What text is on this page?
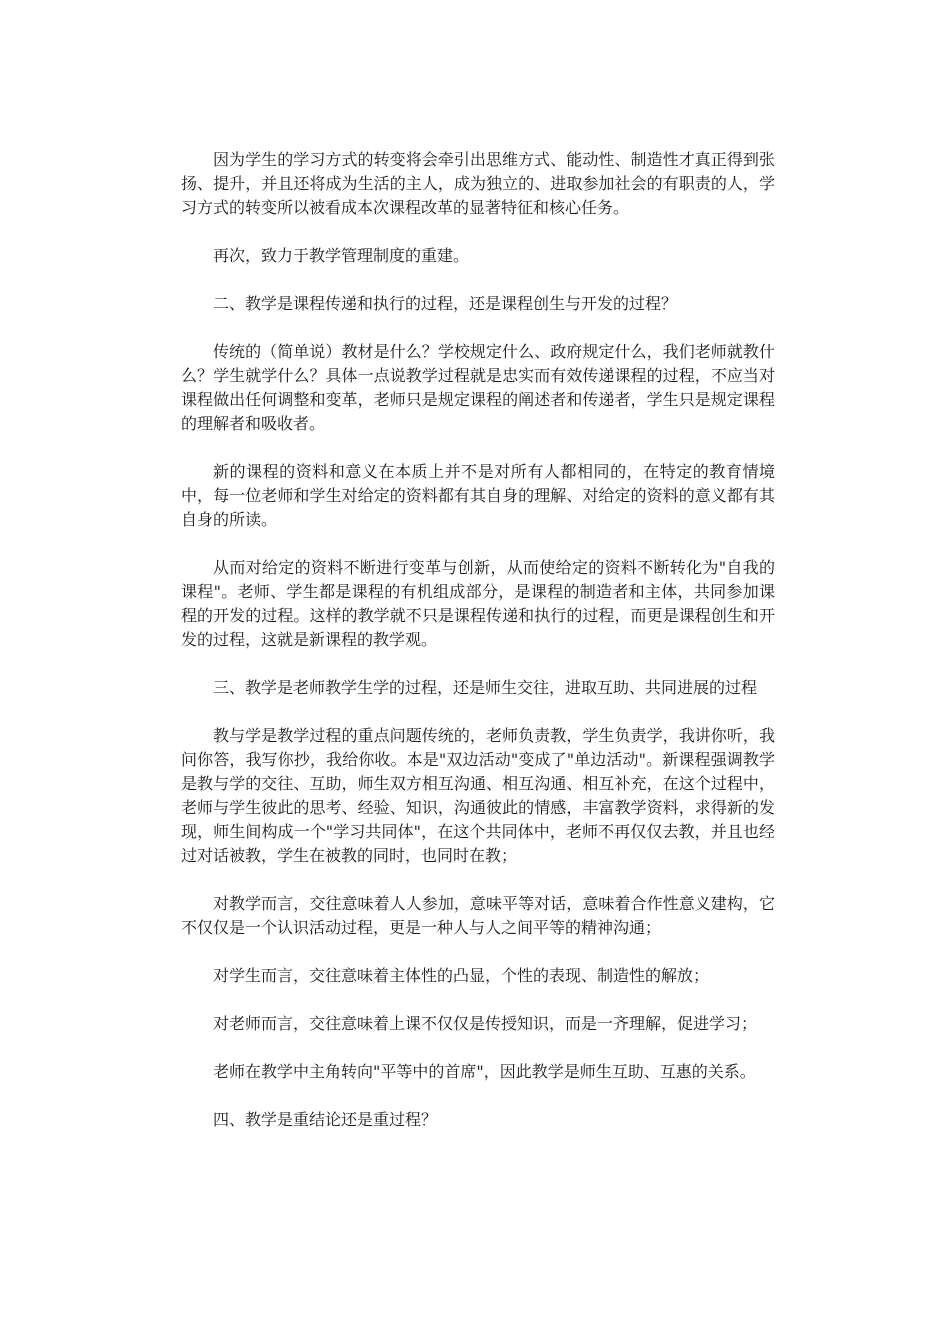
因为学生的学习方式的转变将会牵引出思维方式、能动性、制造性才真正得到张扬、提升，并且还将成为生活的主人，成为独立的、进取参加社会的有职责的人，学习方式的转变所以被看成本次课程改革的显著特征和核心任务。

再次，致力于教学管理制度的重建。

二、教学是课程传递和执行的过程，还是课程创生与开发的过程？

传统的（简单说）教材是什么？学校规定什么、政府规定什么，我们老师就教什么？学生就学什么？具体一点说教学过程就是忠实而有效传递课程的过程，不应当对课程做出任何调整和变革，老师只是规定课程的阐述者和传递者，学生只是规定课程的理解者和吸收者。

新的课程的资料和意义在本质上并不是对所有人都相同的，在特定的教育情境中，每一位老师和学生对给定的资料都有其自身的理解、对给定的资料的意义都有其自身的所读。

从而对给定的资料不断进行变革与创新，从而使给定的资料不断转化为"自我的课程"。老师、学生都是课程的有机组成部分，是课程的制造者和主体，共同参加课程的开发的过程。这样的教学就不只是课程传递和执行的过程，而更是课程创生和开发的过程，这就是新课程的教学观。

三、教学是老师教学生学的过程，还是师生交往，进取互助、共同进展的过程

教与学是教学过程的重点问题传统的，老师负责教，学生负责学，我讲你听，我问你答，我写你抄，我给你收。本是"双边活动"变成了"单边活动"。新课程强调教学是教与学的交往、互助，师生双方相互沟通、相互沟通、相互补充，在这个过程中，老师与学生彼此的思考、经验、知识，沟通彼此的情感，丰富教学资料，求得新的发现，师生间构成一个"学习共同体"，在这个共同体中，老师不再仅仅去教，并且也经过对话被教，学生在被教的同时，也同时在教；

对教学而言，交往意味着人人参加，意味平等对话，意味着合作性意义建构，它不仅仅是一个认识活动过程，更是一种人与人之间平等的精神沟通；

对学生而言，交往意味着主体性的凸显，个性的表现、制造性的解放；

对老师而言，交往意味着上课不仅仅是传授知识，而是一齐理解，促进学习；

老师在教学中主角转向"平等中的首席"，因此教学是师生互助、互惠的关系。

四、教学是重结论还是重过程？
